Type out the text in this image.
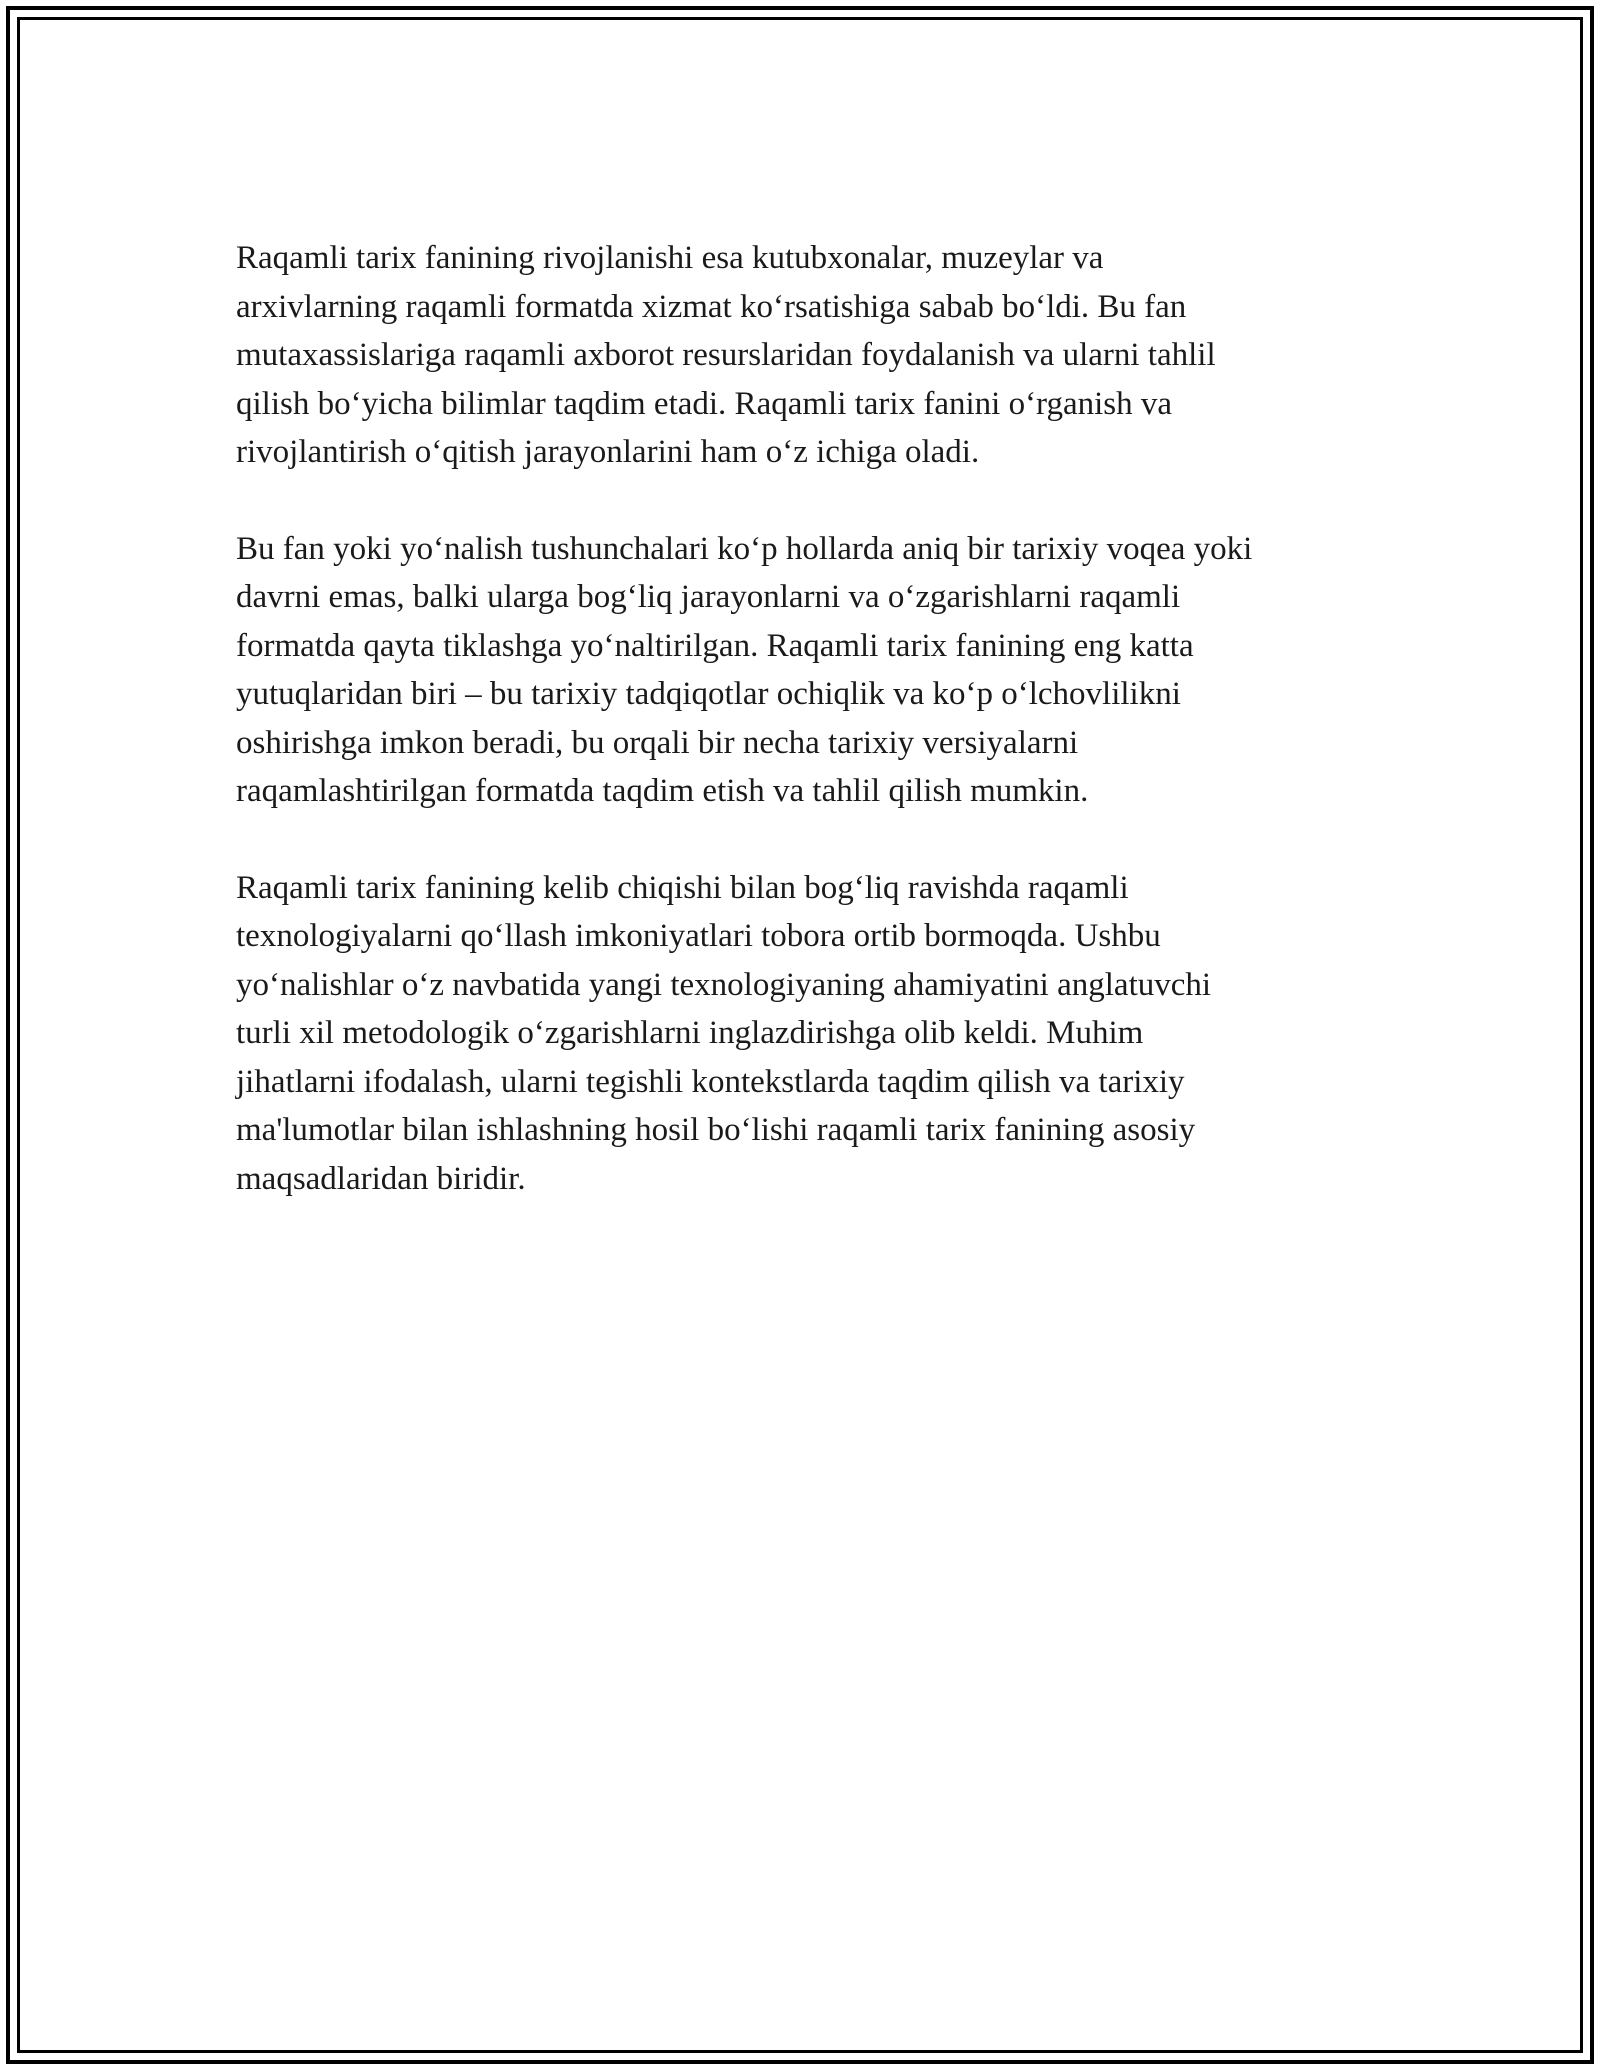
Raqamli tarix fanining rivojlanishi esa kutubxonalar, muzeylar va
arxivlarning raqamli formatda xizmat koʻrsatishiga sabab boʻldi. Bu fan
mutaxassislariga raqamli axborot resurslaridan foydalanish va ularni tahlil
qilish boʻyicha bilimlar taqdim etadi. Raqamli tarix fanini oʻrganish va
rivojlantirish oʻqitish jarayonlarini ham oʻz ichiga oladi.

Bu fan yoki yoʻnalish tushunchalari koʻp hollarda aniq bir tarixiy voqea yoki
davrni emas, balki ularga bogʻliq jarayonlarni va oʻzgarishlarni raqamli
formatda qayta tiklashga yoʻnaltirilgan. Raqamli tarix fanining eng katta
yutuqlaridan biri – bu tarixiy tadqiqotlar ochiqlik va koʻp oʻlchovlilikni
oshirishga imkon beradi, bu orqali bir necha tarixiy versiyalarni
raqamlashtirilgan formatda taqdim etish va tahlil qilish mumkin.

Raqamli tarix fanining kelib chiqishi bilan bogʻliq ravishda raqamli
texnologiyalarni qoʻllash imkoniyatlari tobora ortib bormoqda. Ushbu
yoʻnalishlar oʻz navbatida yangi texnologiyaning ahamiyatini anglatuvchi
turli xil metodologik oʻzgarishlarni inglazdirishga olib keldi. Muhim
jihatlarni ifodalash, ularni tegishli kontekstlarda taqdim qilish va tarixiy
ma'lumotlar bilan ishlashning hosil boʻlishi raqamli tarix fanining asosiy
maqsadlaridan biridir.
